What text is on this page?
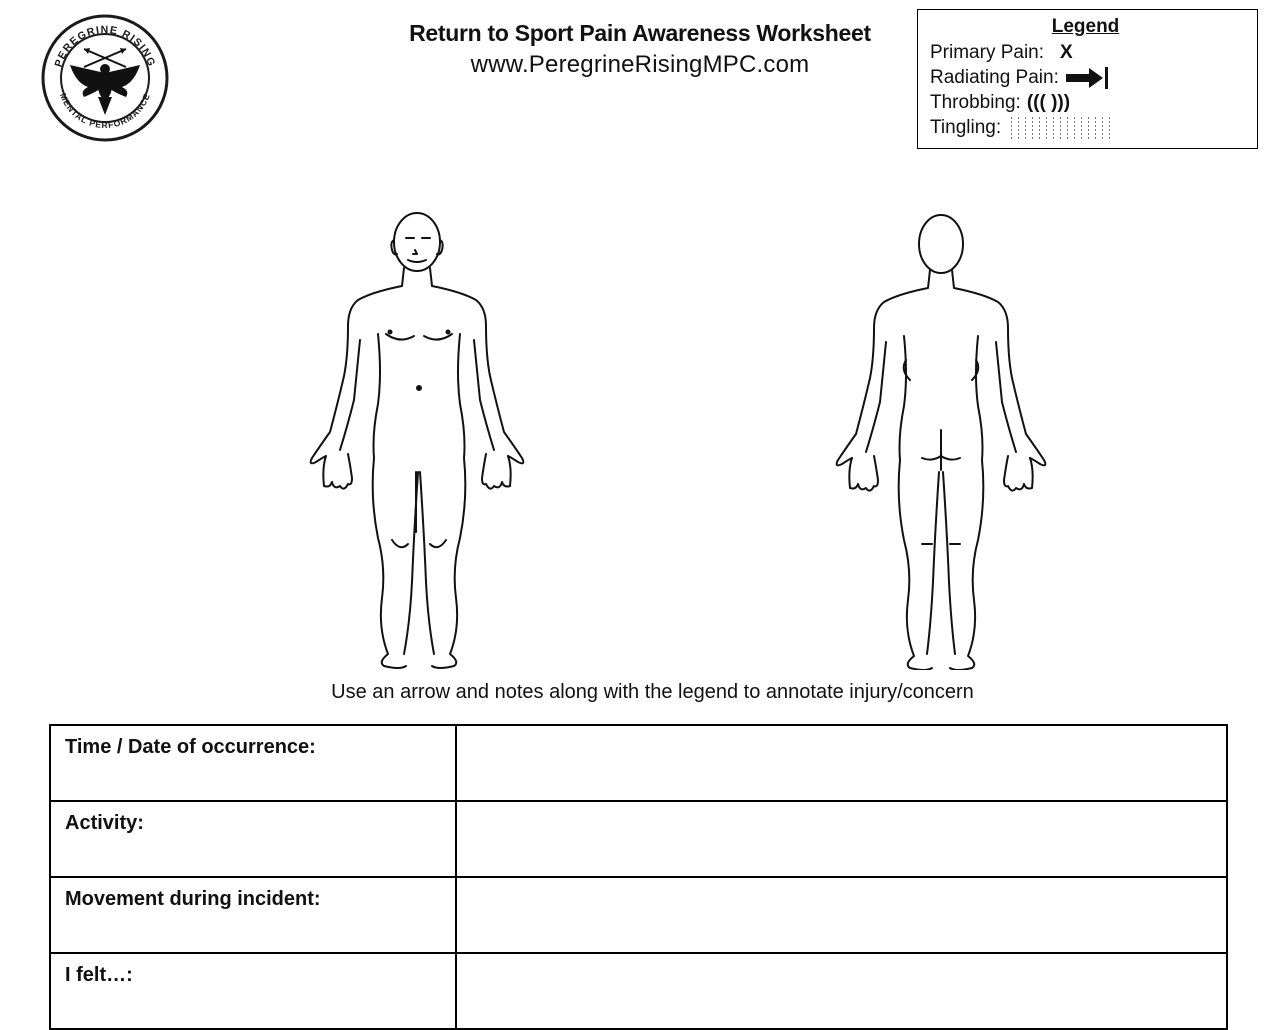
PEREGRINE RISING
MENTAL PERFORMANCE
Return to Sport Pain Awareness Worksheet
www.PeregrineRisingMPC.com
Legend
Primary Pain: X
Radiating Pain:
Throbbing: ((( )))
Tingling:
Use an arrow and notes along with the legend to annotate injury/concern
Time / Date of occurrence:	
Activity:	
Movement during incident:	
I felt…:	
